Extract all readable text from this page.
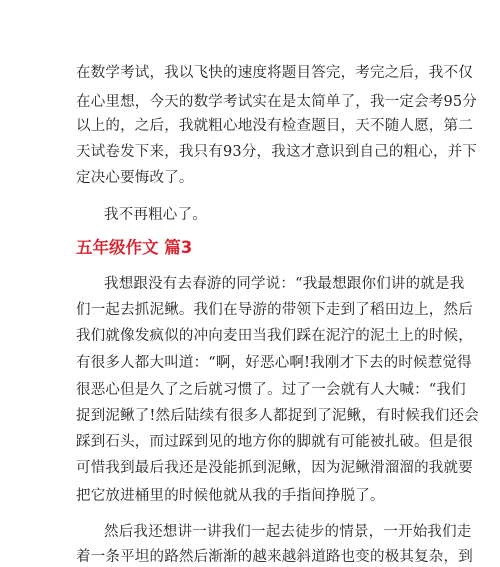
在数学考试，我以飞快的速度将题目答完，考完之后，我不仅
在心里想，今天的数学考试实在是太简单了，我一定会考95分
以上的，之后，我就粗心地没有检查题目，天不随人愿，第二
天试卷发下来，我只有93分，我这才意识到自己的粗心，并下
定决心要悔改了。
我不再粗心了。
五年级作文 篇3
我想跟没有去春游的同学说：“我最想跟你们讲的就是我
们一起去抓泥鳅。我们在导游的带领下走到了稻田边上，然后
我们就像发疯似的冲向麦田当我们踩在泥泞的泥土上的时候，
有很多人都大叫道：“啊，好恶心啊!我刚才下去的时候惹觉得
很恶心但是久了之后就习惯了。过了一会就有人大喊：“我们
捉到泥鳅了!然后陆续有很多人都捉到了泥鳅，有时候我们还会
踩到石头，而过踩到见的地方你的脚就有可能被扎破。但是很
可惜我到最后我还是没能抓到泥鳅，因为泥鳅滑溜溜的我就要
把它放进桶里的时候他就从我的手指间挣脱了。
然后我还想讲一讲我们一起去徒步的情景，一开始我们走
着一条平坦的路然后渐渐的越来越斜道路也变的极其复杂，到
